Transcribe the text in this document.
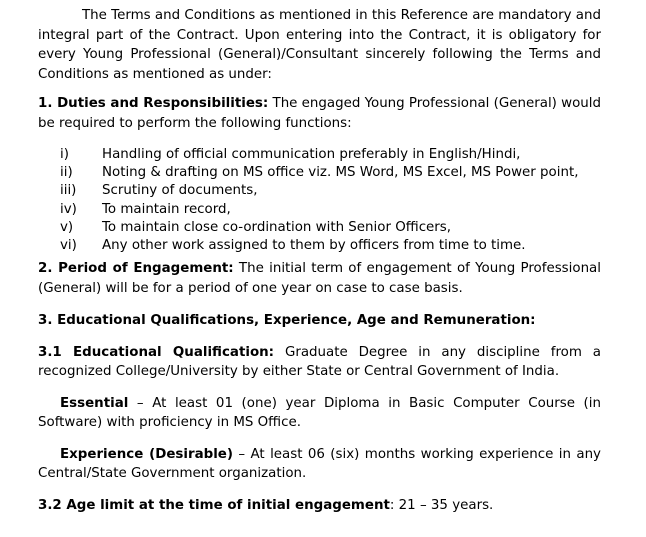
The Terms and Conditions as mentioned in this Reference are mandatory and integral part of the Contract. Upon entering into the Contract, it is obligatory for every Young Professional (General)/Consultant sincerely following the Terms and Conditions as mentioned as under:

1. Duties and Responsibilities: The engaged Young Professional (General) would be required to perform the following functions:

i)	Handling of official communication preferably in English/Hindi,
ii)	Noting & drafting on MS office viz. MS Word, MS Excel, MS Power point,
iii)	Scrutiny of documents,
iv)	To maintain record,
v)	To maintain close co-ordination with Senior Officers,
vi)	Any other work assigned to them by officers from time to time.

2. Period of Engagement: The initial term of engagement of Young Professional (General) will be for a period of one year on case to case basis.

3. Educational Qualifications, Experience, Age and Remuneration:

3.1 Educational Qualification: Graduate Degree in any discipline from a recognized College/University by either State or Central Government of India.

Essential – At least 01 (one) year Diploma in Basic Computer Course (in Software) with proficiency in MS Office.

Experience (Desirable) – At least 06 (six) months working experience in any Central/State Government organization.

3.2 Age limit at the time of initial engagement: 21 – 35 years.
